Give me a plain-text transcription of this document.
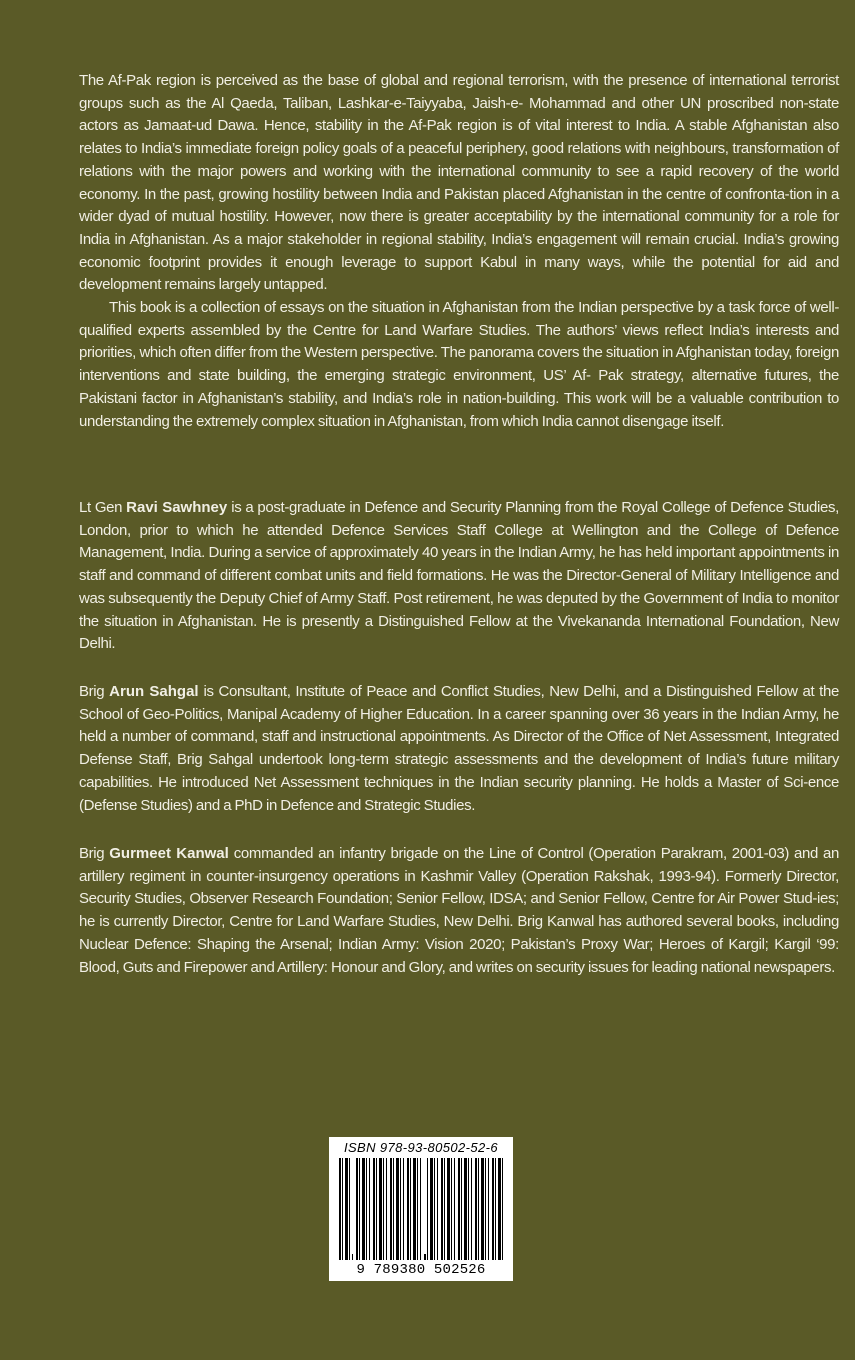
The Af-Pak region is perceived as the base of global and regional terrorism, with the presence of international terrorist groups such as the Al Qaeda, Taliban, Lashkar-e-Taiyyaba, Jaish-e- Mohammad and other UN proscribed non-state actors as Jamaat-ud Dawa. Hence, stability in the Af-Pak region is of vital interest to India. A stable Afghanistan also relates to India’s immediate foreign policy goals of a peaceful periphery, good relations with neighbours, transformation of relations with the major powers and working with the international community to see a rapid recovery of the world economy. In the past, growing hostility between India and Pakistan placed Afghanistan in the centre of confronta-tion in a wider dyad of mutual hostility. However, now there is greater acceptability by the international community for a role for India in Afghanistan. As a major stakeholder in regional stability, India’s engagement will remain crucial. India’s growing economic footprint provides it enough leverage to support Kabul in many ways, while the potential for aid and development remains largely untapped.

This book is a collection of essays on the situation in Afghanistan from the Indian perspective by a task force of well-qualified experts assembled by the Centre for Land Warfare Studies. The authors’ views reflect India’s interests and priorities, which often differ from the Western perspective. The panorama covers the situation in Afghanistan today, foreign interventions and state building, the emerging strategic environment, US’ Af- Pak strategy, alternative futures, the Pakistani factor in Afghanistan’s stability, and India’s role in nation-building. This work will be a valuable contribution to understanding the extremely complex situation in Afghanistan, from which India cannot disengage itself.

Lt Gen Ravi Sawhney is a post-graduate in Defence and Security Planning from the Royal College of Defence Studies, London, prior to which he attended Defence Services Staff College at Wellington and the College of Defence Management, India. During a service of approximately 40 years in the Indian Army, he has held important appointments in staff and command of different combat units and field formations. He was the Director-General of Military Intelligence and was subsequently the Deputy Chief of Army Staff. Post retirement, he was deputed by the Government of India to monitor the situation in Afghanistan. He is presently a Distinguished Fellow at the Vivekananda International Foundation, New Delhi.

Brig Arun Sahgal is Consultant, Institute of Peace and Conflict Studies, New Delhi, and a Distinguished Fellow at the School of Geo-Politics, Manipal Academy of Higher Education. In a career spanning over 36 years in the Indian Army, he held a number of command, staff and instructional appointments. As Director of the Office of Net Assessment, Integrated Defense Staff, Brig Sahgal undertook long-term strategic assessments and the development of India’s future military capabilities. He introduced Net Assessment techniques in the Indian security planning. He holds a Master of Sci-ence (Defense Studies) and a PhD in Defence and Strategic Studies.

Brig Gurmeet Kanwal commanded an infantry brigade on the Line of Control (Operation Parakram, 2001-03) and an artillery regiment in counter-insurgency operations in Kashmir Valley (Operation Rakshak, 1993-94). Formerly Director, Security Studies, Observer Research Foundation; Senior Fellow, IDSA; and Senior Fellow, Centre for Air Power Stud-ies; he is currently Director, Centre for Land Warfare Studies, New Delhi. Brig Kanwal has authored several books, including Nuclear Defence: Shaping the Arsenal; Indian Army: Vision 2020; Pakistan’s Proxy War; Heroes of Kargil; Kargil ‘99: Blood, Guts and Firepower and Artillery: Honour and Glory, and writes on security issues for leading national newspapers.

ISBN 978-93-80502-52-6
9 789380 502526
